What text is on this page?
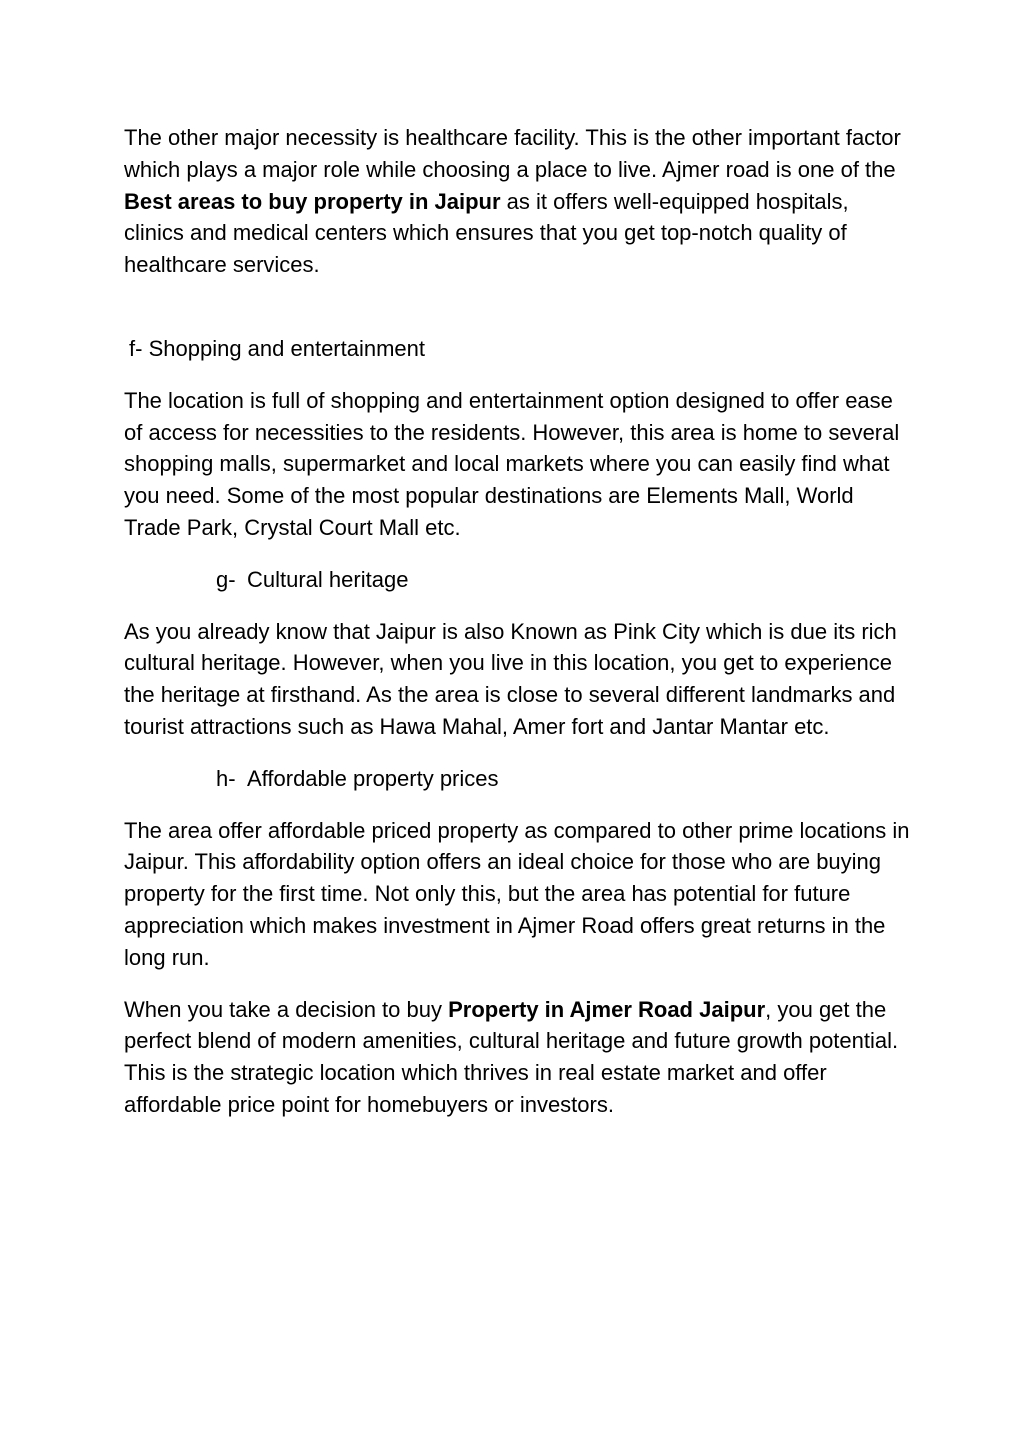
The other major necessity is healthcare facility. This is the other important factor which plays a major role while choosing a place to live. Ajmer road is one of the Best areas to buy property in Jaipur as it offers well-equipped hospitals, clinics and medical centers which ensures that you get top-notch quality of healthcare services.

f- Shopping and entertainment

The location is full of shopping and entertainment option designed to offer ease of access for necessities to the residents. However, this area is home to several shopping malls, supermarket and local markets where you can easily find what you need. Some of the most popular destinations are Elements Mall, World Trade Park, Crystal Court Mall etc.

g- Cultural heritage

As you already know that Jaipur is also Known as Pink City which is due its rich cultural heritage. However, when you live in this location, you get to experience the heritage at firsthand. As the area is close to several different landmarks and tourist attractions such as Hawa Mahal, Amer fort and Jantar Mantar etc.

h- Affordable property prices

The area offer affordable priced property as compared to other prime locations in Jaipur. This affordability option offers an ideal choice for those who are buying property for the first time. Not only this, but the area has potential for future appreciation which makes investment in Ajmer Road offers great returns in the long run.

When you take a decision to buy Property in Ajmer Road Jaipur, you get the perfect blend of modern amenities, cultural heritage and future growth potential. This is the strategic location which thrives in real estate market and offer affordable price point for homebuyers or investors.
